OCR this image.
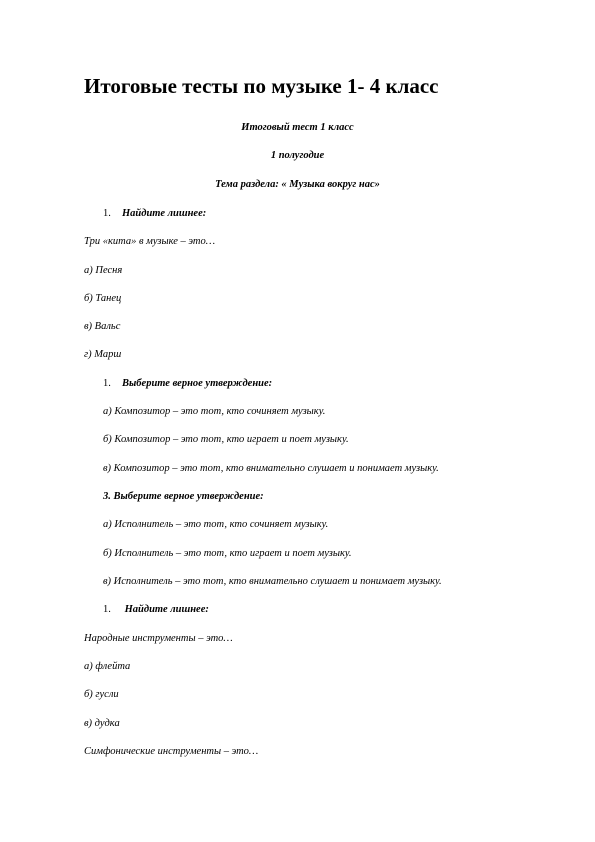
Итоговые тесты по музыке 1- 4 класс
Итоговый тест 1 класс
1 полугодие
Тема раздела: « Музыка вокруг нас»
1. Найдите лишнее:
Три «кита» в музыке – это…
а) Песня
б) Танец
в) Вальс
г) Марш
1. Выберите верное утверждение:
а) Композитор – это тот, кто сочиняет музыку.
б) Композитор – это тот, кто играет и поет музыку.
в) Композитор – это тот, кто внимательно слушает и понимает музыку.
3. Выберите верное утверждение:
а) Исполнитель – это тот, кто сочиняет музыку.
б) Исполнитель – это тот, кто играет и поет музыку.
в) Исполнитель – это тот, кто внимательно слушает и понимает музыку.
1. Найдите лишнее:
Народные инструменты – это…
а) флейта
б) гусли
в) дудка
Симфонические инструменты – это…
